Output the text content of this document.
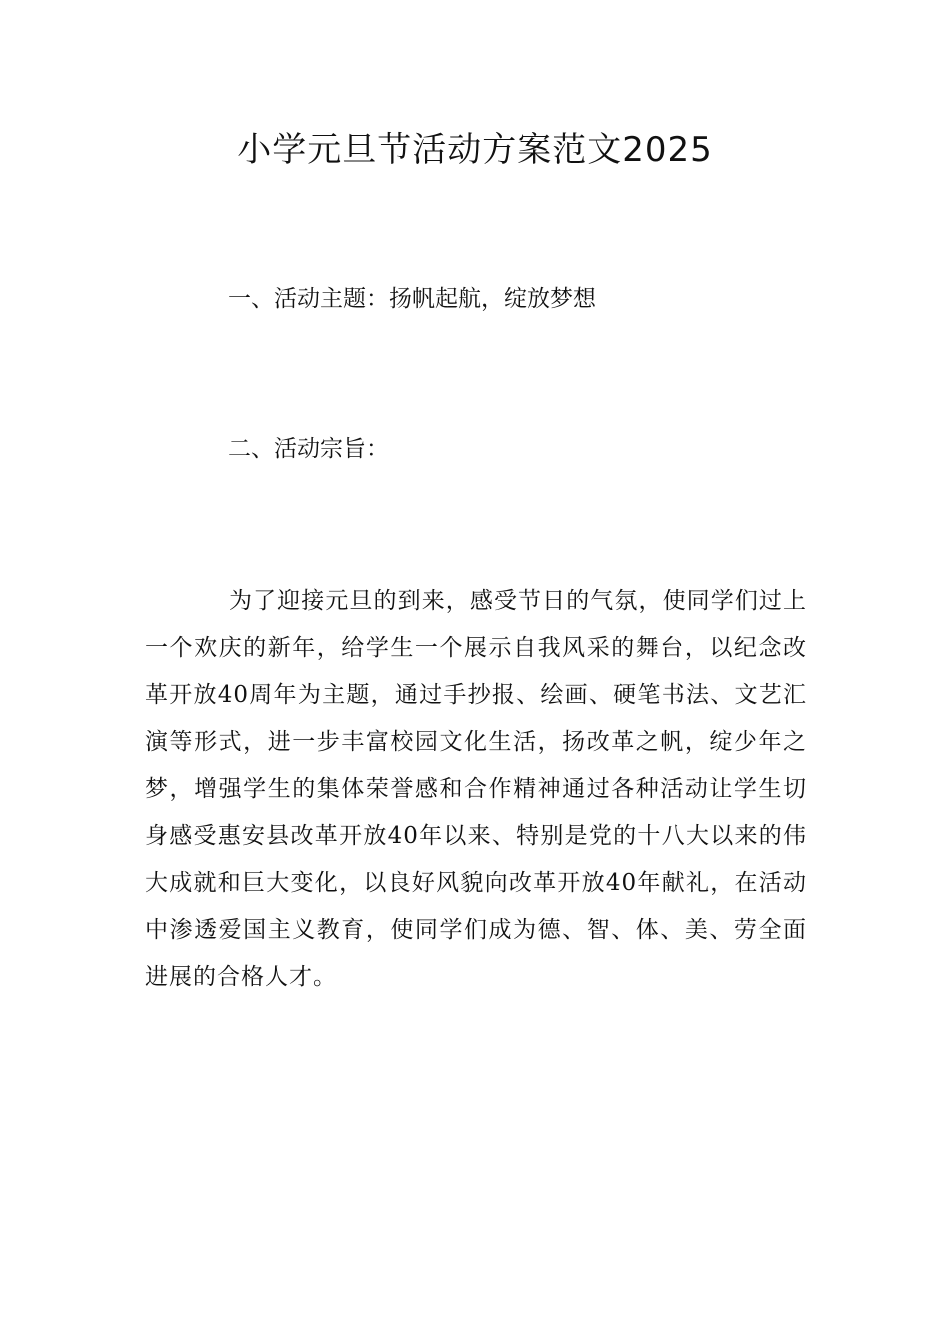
小学元旦节活动方案范文2025

一、活动主题：扬帆起航，绽放梦想

二、活动宗旨：

为了迎接元旦的到来，感受节日的气氛，使同学们过上一个欢庆的新年，给学生一个展示自我风采的舞台，以纪念改革开放40周年为主题，通过手抄报、绘画、硬笔书法、文艺汇演等形式，进一步丰富校园文化生活，扬改革之帆，绽少年之梦，增强学生的集体荣誉感和合作精神通过各种活动让学生切身感受惠安县改革开放40年以来、特别是党的十八大以来的伟大成就和巨大变化，以良好风貌向改革开放40年献礼，在活动中渗透爱国主义教育，使同学们成为德、智、体、美、劳全面进展的合格人才。
